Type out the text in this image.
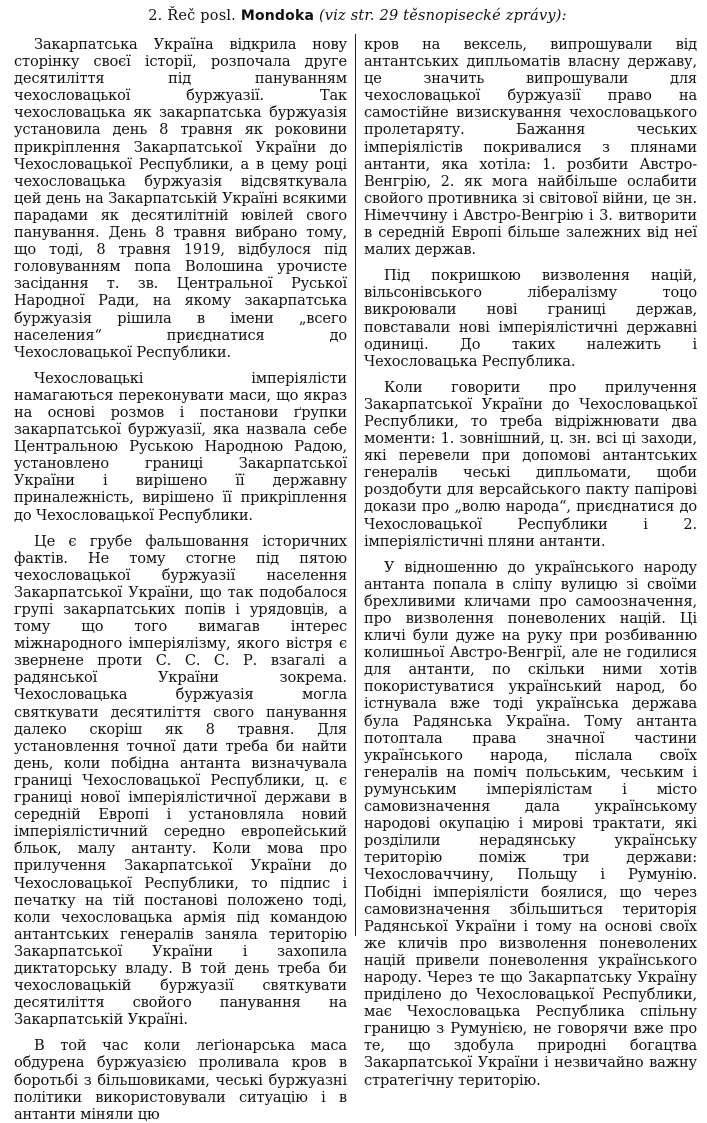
2. Řeč posl. Mondoka (viz str. 29 těsnopisecké zprávy):

Закарпатська Україна відкрила нову сторінку своєї історії, розпочала друге десятиліття під пануванням чехословацької буржуазії. Так чехословацька як закарпатська буржуазія установила день 8 травня як роковини прикріплення Закарпатської України до Чехословацької Республики, а в цему році чехословацька буржуазія відсвяткувала цей день на Закарпатській Україні всякими парадами як десятилітній ювілей свого панування. День 8 травня вибрано тому, що тоді, 8 травня 1919, відбулося під головуванням попа Волошина урочисте засідання т. зв. Центральної Руської Народної Ради, на якому закарпатська буржуазія рішила в імени „всего населения“ приєднатися до Чехословацької Республики.

Чехословацькі імперіялісти намагаються переконувати маси, що якраз на основі розмов і постанови ґрупки закарпатської буржуазії, яка назвала себе Центральною Руською Народною Радою, установлено границі Закарпатської України і вирішено її державну приналежність, вирішено її прикріплення до Чехословацької Республики.

Це є грубе фальшовання історичних фактів. Не тому стогне під пятою чехословацької буржуазії населення Закарпатської України, що так подобалося групі закарпатських попів і урядовців, а тому що того вимагав інтерес міжнародного імперіялізму, якого вістря є звернене проти С. С. С. Р. взагалі а радянської України зокрема. Чехословацька буржуазія могла святкувати десятиліття свого панування далеко скоріш як 8 травня. Для установлення точної дати треба би найти день, коли побідна антанта визначувала границі Чехословацької Республики, ц. є границі нової імперіялістичної держави в середній Европі і установляла новий імперіялістичний середно европейський бльок, малу антанту. Коли мова про прилучення Закарпатської України до Чехословацької Республики, то підпис і печатку на тій постанові положено тоді, коли чехословацька армія під командою антантських генералів заняла територію Закарпатської України і захопила диктаторську владу. В той день треба би чехословацькій буржуазії святкувати десятиліття свойого панування на Закарпатській Україні.

В той час коли леґіонарська маса обдурена буржуазією проливала кров в боротьбі з більшовиками, чеські буржуазні політики використовували ситуацію і в антанти міняли цю

кров на вексель, випрошували від антантських дипльоматів власну державу, це значить випрошували для чехословацької буржуазії право на самостійне визискування чехословацького пролетаряту. Бажання чеських імперіялістів покривалися з плянами антанти, яка хотіла: 1. розбити Австро-Венгрію, 2. як мога найбільше ослабити свойого противника зі світової війни, це зн. Німеччину і Австро-Венгрію і 3. витворити в середній Европі більше залежних від неї малих держав.

Під покришкою визволення націй, вільсонівського лібералізму тоцо викроювали нові границі держав, повставали нові імперіялістичні державні одиниці. До таких належить і Чехословацька Республика.

Коли говорити про прилучення Закарпатської України до Чехословацької Республики, то треба відріжнювати два моменти: 1. зовнішний, ц. зн. всі ці заходи, які перевели при допомові антантських генералів чеські дипльомати, щоби роздобути для версайського пакту папірові докази про „волю народа“, приєднатися до Чехословацької Республики і 2. імперіялістичні пляни антанти.

У відношенню до українського народу антанта попала в сліпу вулицю зі своїми брехливими кличами про самоозначення, про визволення поневолених націй. Ці кличі були дуже на руку при розбиванню колишньої Австро-Венгрії, але не годилися для антанти, по скільки ними хотів покористуватися український народ, бо істнувала вже тоді українська держава була Радянська Україна. Тому антанта потоптала права значної частини українського народа, післала своїх генералів на поміч польським, чеським і румунським імперіялістам і місто самовизначення дала українському народові окупацію і мирові трактати, які розділили нерадянську українську територію поміж три держави: Чехословаччину, Польщу і Румунію. Побідні імперіялісти боялися, що через самовизначення збільшиться територія Радянської України і тому на основі своїх же кличів про визволення поневолених націй привели поневолення українського народу. Через те що Закарпатську Україну приділено до Чехословацької Республики, має Чехословацька Республика спільну границю з Румунією, не говорячи вже про те, що здобула природні богацтва Закарпатської України і незвичайно важну стратегічну територію.
